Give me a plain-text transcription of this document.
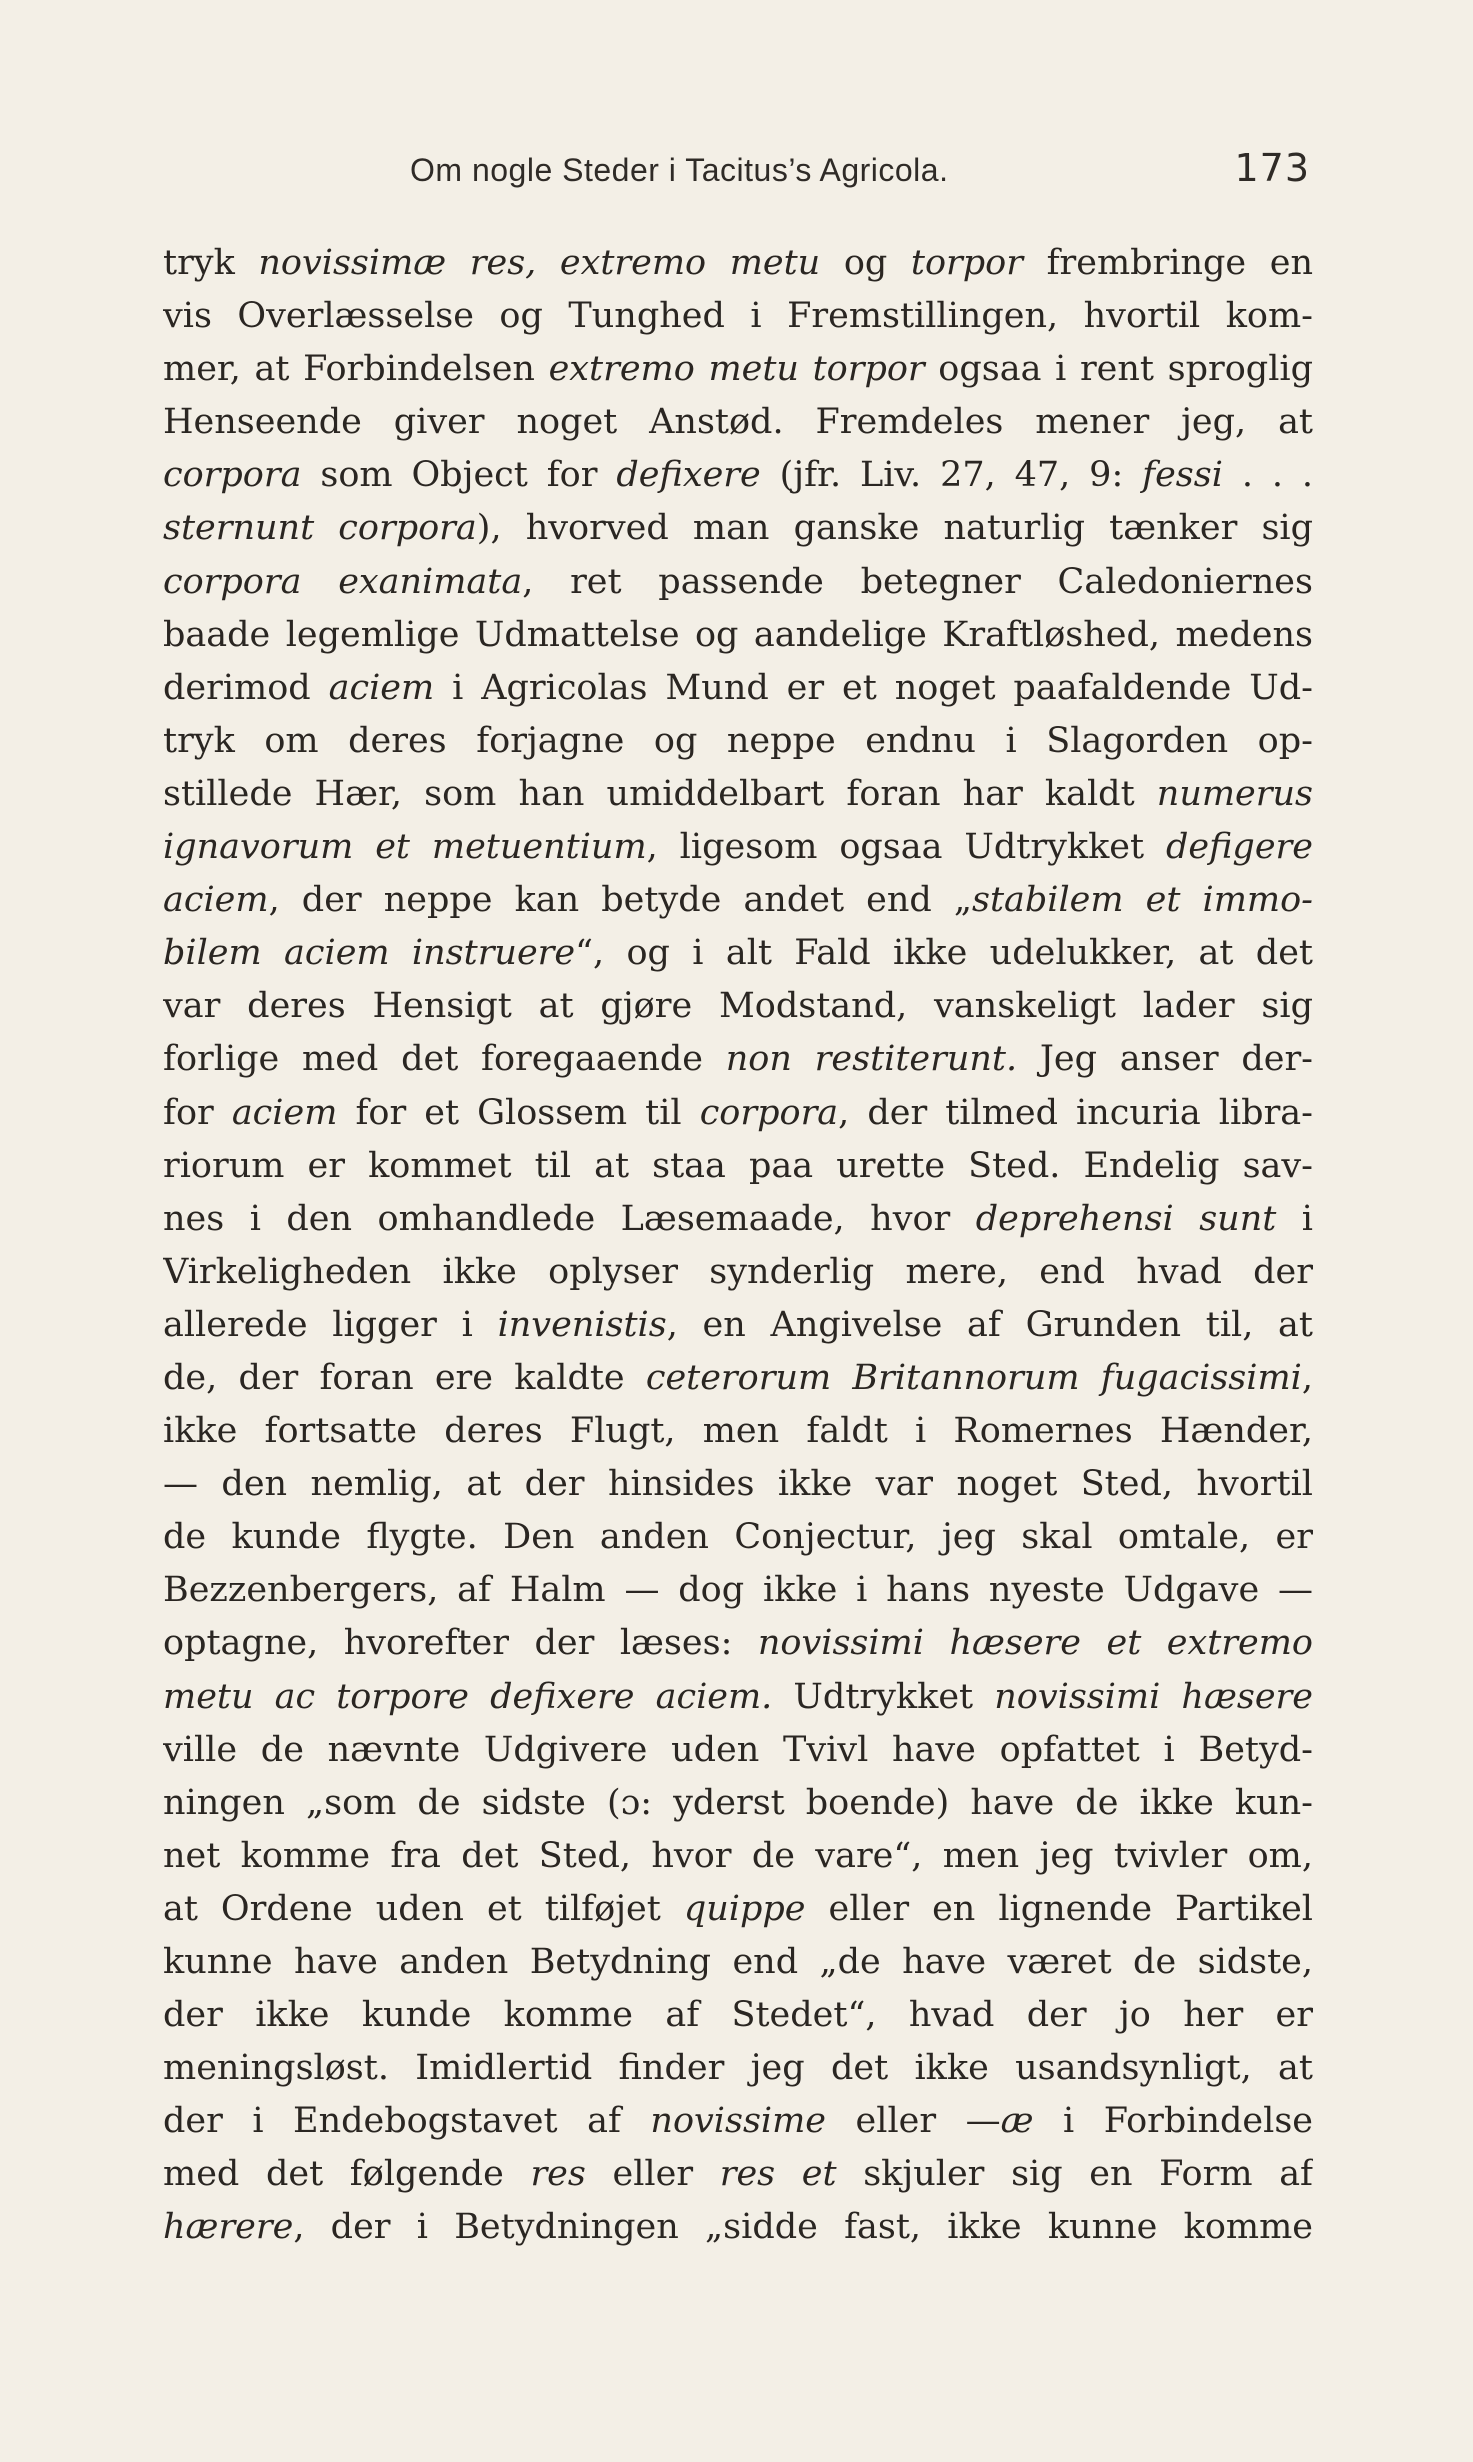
Om nogle Steder i Tacitus’s Agricola.	173
tryk novissimæ res, extremo metu og torpor frembringe en
vis Overlæsselse og Tunghed i Fremstillingen, hvortil kom-
mer, at Forbindelsen extremo metu torpor ogsaa i rent sproglig
Henseende giver noget Anstød. Fremdeles mener jeg, at
corpora som Object for defixere (jfr. Liv. 27, 47, 9: fessi . . .
sternunt corpora), hvorved man ganske naturlig tænker sig
corpora exanimata, ret passende betegner Caledoniernes
baade legemlige Udmattelse og aandelige Kraftløshed, medens
derimod aciem i Agricolas Mund er et noget paafaldende Ud-
tryk om deres forjagne og neppe endnu i Slagorden op-
stillede Hær, som han umiddelbart foran har kaldt numerus
ignavorum et metuentium, ligesom ogsaa Udtrykket defigere
aciem, der neppe kan betyde andet end „stabilem et immo-
bilem aciem instruere“, og i alt Fald ikke udelukker, at det
var deres Hensigt at gjøre Modstand, vanskeligt lader sig
forlige med det foregaaende non restiterunt. Jeg anser der-
for aciem for et Glossem til corpora, der tilmed incuria libra-
riorum er kommet til at staa paa urette Sted. Endelig sav-
nes i den omhandlede Læsemaade, hvor deprehensi sunt i
Virkeligheden ikke oplyser synderlig mere, end hvad der
allerede ligger i invenistis, en Angivelse af Grunden til, at
de, der foran ere kaldte ceterorum Britannorum fugacissimi,
ikke fortsatte deres Flugt, men faldt i Romernes Hænder,
— den nemlig, at der hinsides ikke var noget Sted, hvortil
de kunde flygte. Den anden Conjectur, jeg skal omtale, er
Bezzenbergers, af Halm — dog ikke i hans nyeste Udgave —
optagne, hvorefter der læses: novissimi hæsere et extremo
metu ac torpore defixere aciem. Udtrykket novissimi hæsere
ville de nævnte Udgivere uden Tvivl have opfattet i Betyd-
ningen „som de sidste (ɔ: yderst boende) have de ikke kun-
net komme fra det Sted, hvor de vare“, men jeg tvivler om,
at Ordene uden et tilføjet quippe eller en lignende Partikel
kunne have anden Betydning end „de have været de sidste,
der ikke kunde komme af Stedet“, hvad der jo her er
meningsløst. Imidlertid finder jeg det ikke usandsynligt, at
der i Endebogstavet af novissime eller —æ i Forbindelse
med det følgende res eller res et skjuler sig en Form af
hærere, der i Betydningen „sidde fast, ikke kunne komme
